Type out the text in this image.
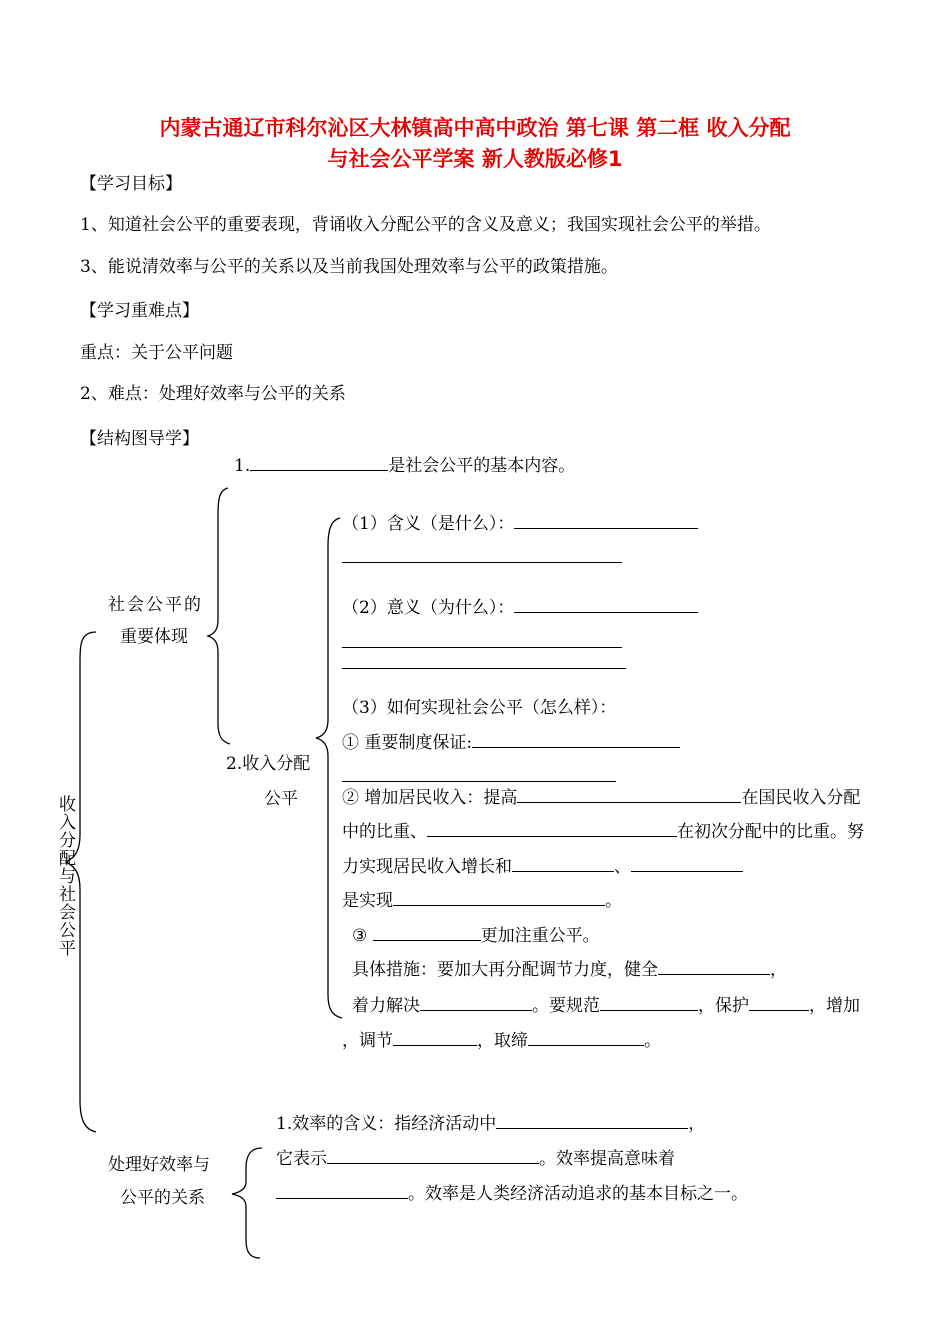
内蒙古通辽市科尔沁区大林镇高中高中政治 第七课 第二框 收入分配
与社会公平学案 新人教版必修1
【学习目标】
1、知道社会公平的重要表现，背诵收入分配公平的含义及意义；我国实现社会公平的举措。
3、能说清效率与公平的关系以及当前我国处理效率与公平的政策措施。
【学习重难点】
重点：关于公平问题
2、难点：处理好效率与公平的关系
【结构图导学】
收入分配与社会公平
社会公平的
重要体现
处理好效率与
公平的关系
1.	是社会公平的基本内容。
2.收入分配
公平
（1）含义（是什么）：
（2）意义（为什么）：
（3）如何实现社会公平（怎么样）：
① 重要制度保证:
② 增加居民收入：提高	在国民收入分配
中的比重、	在初次分配中的比重。努
力实现居民收入增长和	、
是实现	。
③	更加注重公平。
具体措施：要加大再分配调节力度，健全	，
着力解决	。要规范	，保护	，增加
，调节	，取缔	。
1.效率的含义：指经济活动中	，
它表示	。效率提高意味着
。效率是人类经济活动追求的基本目标之一。
